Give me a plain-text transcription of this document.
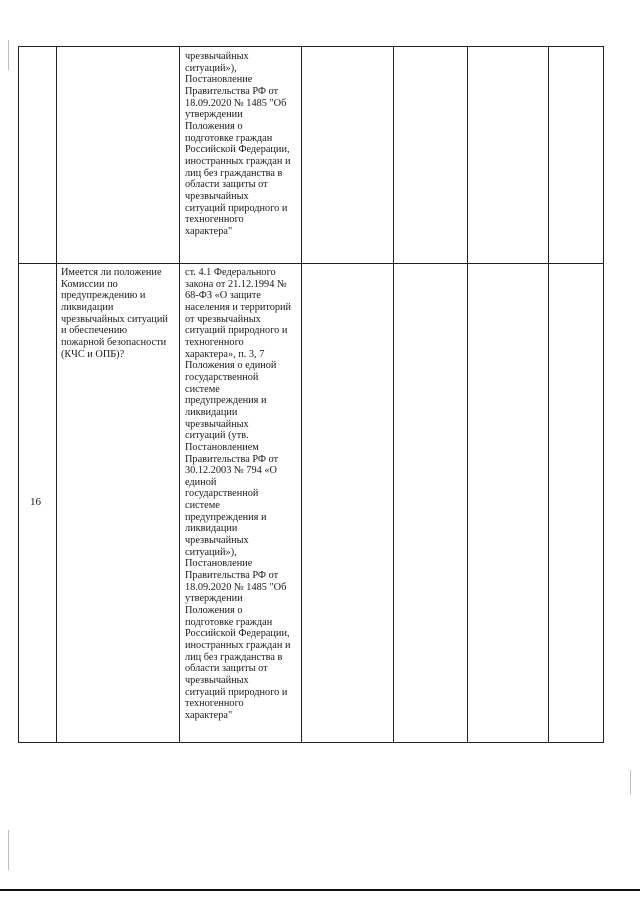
чрезвычайных
ситуаций»),
Постановление
Правительства РФ от
18.09.2020 № 1485 "Об
утверждении
Положения о
подготовке граждан
Российской Федерации,
иностранных граждан и
лиц без гражданства в
области защиты от
чрезвычайных
ситуаций природного и
техногенного
характера"
16
Имеется ли положение
Комиссии по
предупреждению и
ликвидации
чрезвычайных ситуаций
и обеспечению
пожарной безопасности
(КЧС и ОПБ)?
ст. 4.1 Федерального
закона от 21.12.1994 №
68-ФЗ «О защите
населения и территорий
от чрезвычайных
ситуаций природного и
техногенного
характера», п. 3, 7
Положения о единой
государственной
системе
предупреждения и
ликвидации
чрезвычайных
ситуаций (утв.
Постановлением
Правительства РФ от
30.12.2003 № 794 «О
единой
государственной
системе
предупреждения и
ликвидации
чрезвычайных
ситуаций»),
Постановление
Правительства РФ от
18.09.2020 № 1485 "Об
утверждении
Положения о
подготовке граждан
Российской Федерации,
иностранных граждан и
лиц без гражданства в
области защиты от
чрезвычайных
ситуаций природного и
техногенного
характера"
